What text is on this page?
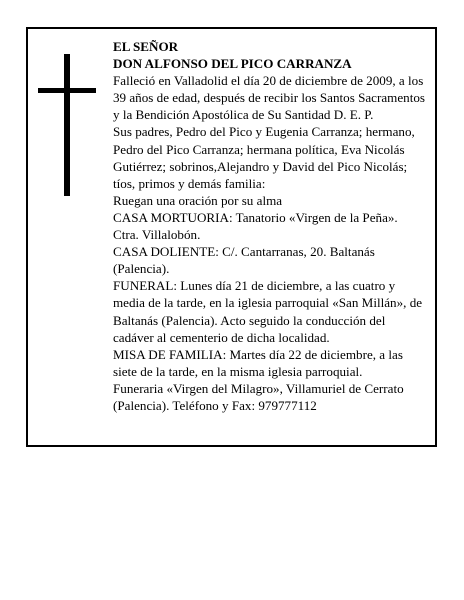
EL SEÑOR

DON ALFONSO DEL PICO CARRANZA

Falleció en Valladolid el día 20 de diciembre de 2009, a los 39 años de edad, después de recibir los Santos Sacramentos y la Bendición Apostólica de Su Santidad D. E. P.

Sus padres, Pedro del Pico y Eugenia Carranza; hermano, Pedro del Pico Carranza; hermana política, Eva Nicolás Gutiérrez; sobrinos,Alejandro y David del Pico Nicolás; tíos, primos y demás familia:

Ruegan una oración por su alma

CASA MORTUORIA: Tanatorio «Virgen de la Peña». Ctra. Villalobón.

CASA DOLIENTE: C/. Cantarranas, 20. Baltanás (Palencia).

FUNERAL: Lunes día 21 de diciembre, a las cuatro y media de la tarde, en la iglesia parroquial «San Millán», de Baltanás (Palencia). Acto seguido la conducción del cadáver al cementerio de dicha localidad.

MISA DE FAMILIA: Martes día 22 de diciembre, a las siete de la tarde, en la misma iglesia parroquial.

Funeraria «Virgen del Milagro», Villamuriel de Cerrato (Palencia). Teléfono y Fax: 979777112
